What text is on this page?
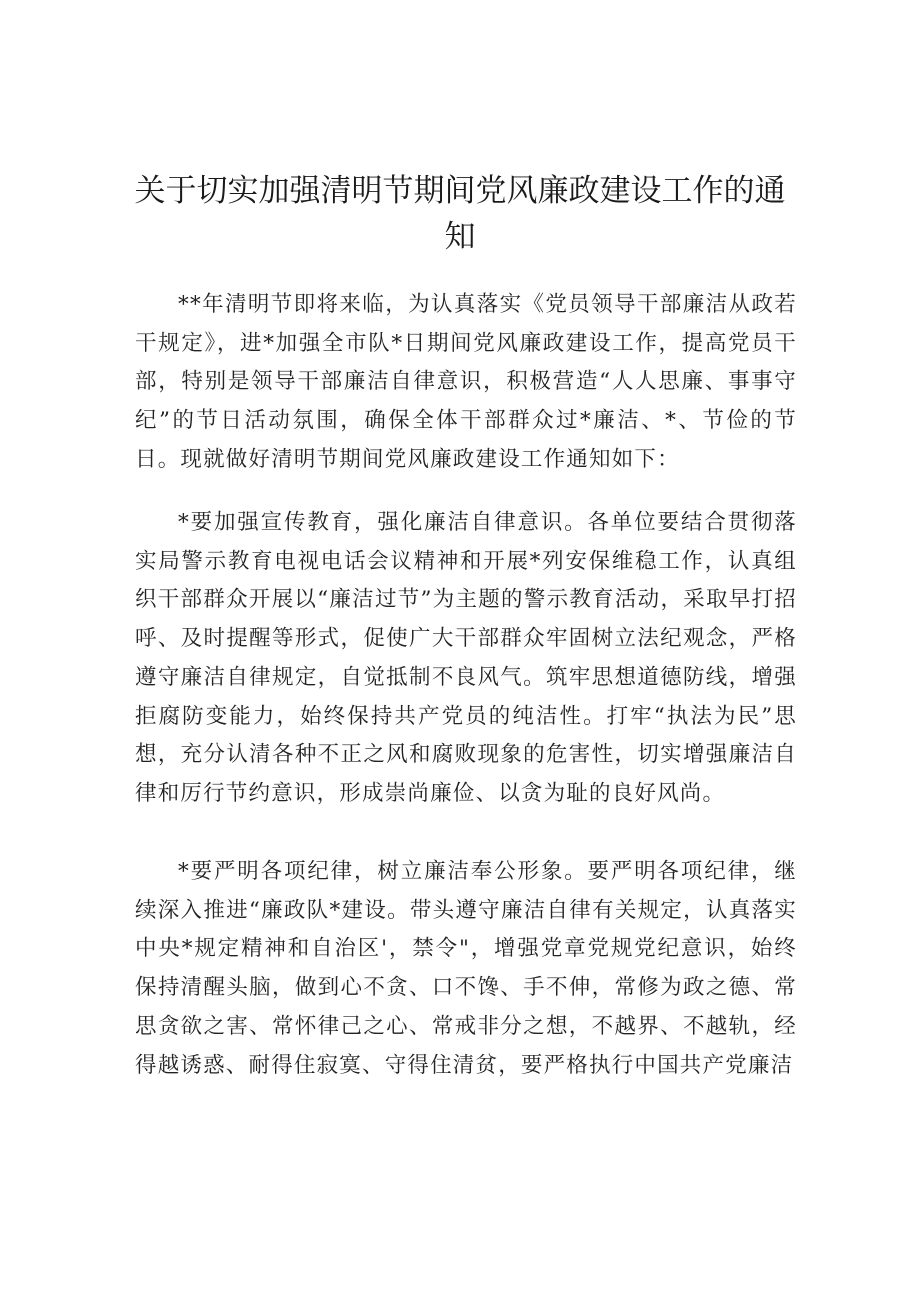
关于切实加强清明节期间党风廉政建设工作的通知

**年清明节即将来临，为认真落实《党员领导干部廉洁从政若干规定》，进*加强全市队*日期间党风廉政建设工作，提高党员干部，特别是领导干部廉洁自律意识，积极营造“人人思廉、事事守纪”的节日活动氛围，确保全体干部群众过*廉洁、*、节俭的节日。现就做好清明节期间党风廉政建设工作通知如下：

*要加强宣传教育，强化廉洁自律意识。各单位要结合贯彻落实局警示教育电视电话会议精神和开展*列安保维稳工作，认真组织干部群众开展以“廉洁过节”为主题的警示教育活动，采取早打招呼、及时提醒等形式，促使广大干部群众牢固树立法纪观念，严格遵守廉洁自律规定，自觉抵制不良风气。筑牢思想道德防线，增强拒腐防变能力，始终保持共产党员的纯洁性。打牢“执法为民”思想，充分认清各种不正之风和腐败现象的危害性，切实增强廉洁自律和厉行节约意识，形成崇尚廉俭、以贪为耻的良好风尚。

*要严明各项纪律，树立廉洁奉公形象。要严明各项纪律，继续深入推进“廉政队*建设。带头遵守廉洁自律有关规定，认真落实中央*规定精神和自治区'，禁令"，增强党章党规党纪意识，始终保持清醒头脑，做到心不贪、口不馋、手不伸，常修为政之德、常思贪欲之害、常怀律己之心、常戒非分之想，不越界、不越轨，经得越诱惑、耐得住寂寞、守得住清贫，要严格执行中国共产党廉洁
